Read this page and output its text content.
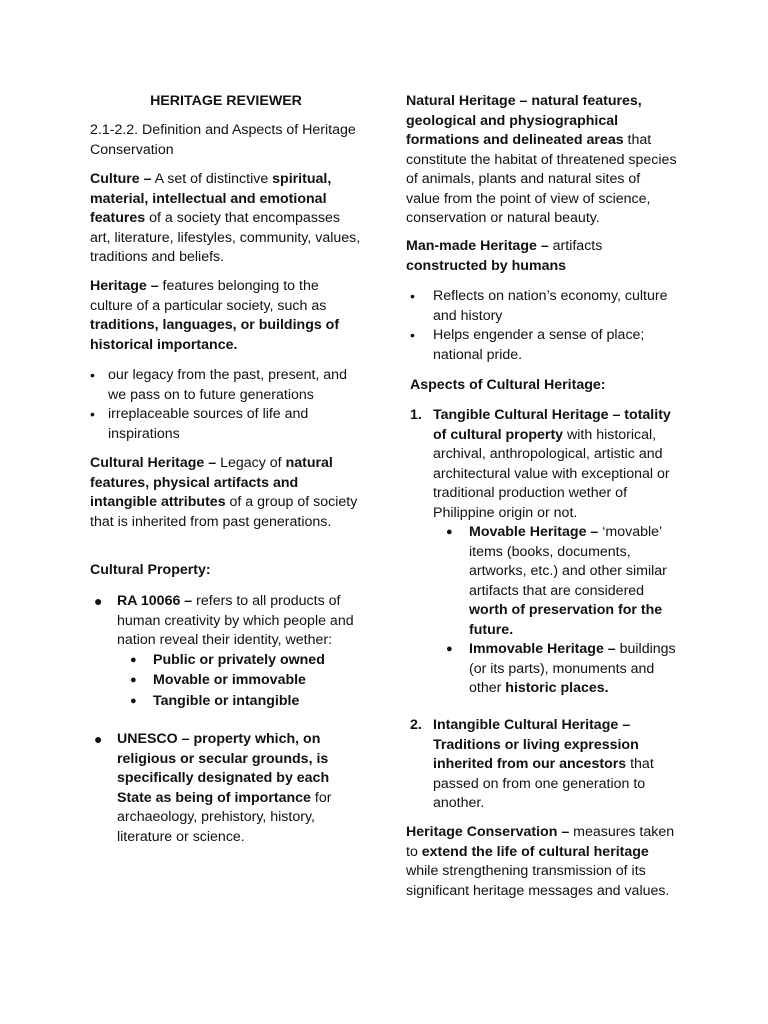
HERITAGE REVIEWER

2.1-2.2. Definition and Aspects of Heritage Conservation

Culture – A set of distinctive spiritual, material, intellectual and emotional features of a society that encompasses art, literature, lifestyles, community, values, traditions and beliefs.

Heritage – features belonging to the culture of a particular society, such as traditions, languages, or buildings of historical importance.

• our legacy from the past, present, and we pass on to future generations
• irreplaceable sources of life and inspirations

Cultural Heritage – Legacy of natural features, physical artifacts and intangible attributes of a group of society that is inherited from past generations.

Cultural Property:

● RA 10066 – refers to all products of human creativity by which people and nation reveal their identity, wether:
● Public or privately owned
● Movable or immovable
● Tangible or intangible
● UNESCO – property which, on religious or secular grounds, is specifically designated by each State as being of importance for archaeology, prehistory, history, literature or science.

Natural Heritage – natural features, geological and physiographical formations and delineated areas that constitute the habitat of threatened species of animals, plants and natural sites of value from the point of view of science, conservation or natural beauty.

Man-made Heritage – artifacts constructed by humans

• Reflects on nation’s economy, culture and history
• Helps engender a sense of place; national pride.

Aspects of Cultural Heritage:

1. Tangible Cultural Heritage – totality of cultural property with historical, archival, anthropological, artistic and architectural value with exceptional or traditional production wether of Philippine origin or not.
● Movable Heritage – ‘movable’ items (books, documents, artworks, etc.) and other similar artifacts that are considered worth of preservation for the future.
● Immovable Heritage – buildings (or its parts), monuments and other historic places.
2. Intangible Cultural Heritage – Traditions or living expression inherited from our ancestors that passed on from one generation to another.

Heritage Conservation – measures taken to extend the life of cultural heritage while strengthening transmission of its significant heritage messages and values.
